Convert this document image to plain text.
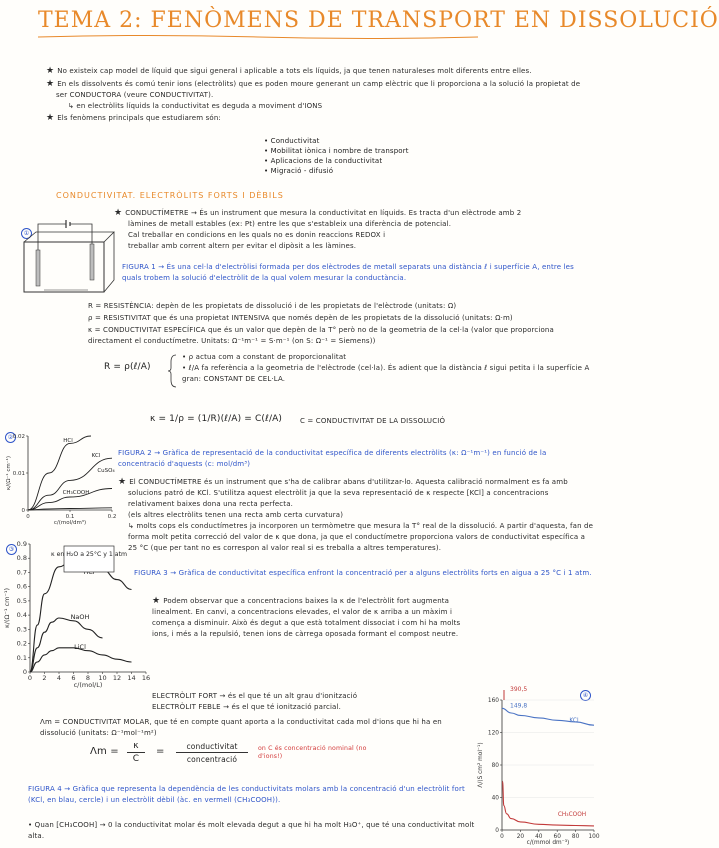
TEMA 2: FENÒMENS DE TRANSPORT EN DISSOLUCIÓ
★ No existeix cap model de líquid que sigui general i aplicable a tots els líquids, ja que tenen naturaleses molt diferents entre elles.
★ En els dissolvents és comú tenir ions (electròlits) que es poden moure generant un camp elèctric que li proporciona a la solució la propietat de ser CONDUCTORA (veure CONDUCTIVITAT).
↳ en electròlits líquids la conductivitat es deguda a moviment d'IONS
★ Els fenòmens principals que estudiarem són:
• Conductivitat
• Mobilitat iònica i nombre de transport
• Aplicacions de la conductivitat
• Migració - difusió
CONDUCTIVITAT. ELECTRÒLITS FORTS I DÈBILS
①
★ CONDUCTÍMETRE → És un instrument que mesura la conductivitat en líquids. Es tracta d'un elèctrode amb 2
làmines de metall estables (ex: Pt) entre les que s'estableix una diferència de potencial.
Cal treballar en condicions en les quals no es donin reaccions REDOX i
treballar amb corrent altern per evitar el dipòsit a les làmines.
FIGURA 1 → És una cel·la d'electròlisi formada per dos elèctrodes de metall separats una distància ℓ i superfície A, entre les quals trobem la solució d'electròlit de la qual volem mesurar la conductància.
R = RESISTÈNCIA: depèn de les propietats de dissolució i de les propietats de l'elèctrode (unitats: Ω)
ρ = RESISTIVITAT que és una propietat INTENSIVA que només depèn de les propietats de la dissolució (unitats: Ω·m)
κ = CONDUCTIVITAT ESPECÍFICA que és un valor que depèn de la T° però no de la geometria de la cel·la (valor que proporciona directament el conductímetre. Unitats: Ω⁻¹m⁻¹ = S·m⁻¹ (on S: Ω⁻¹ = Siemens))
R = ρ(ℓ/A)
• ρ actua com a constant de proporcionalitat
• ℓ/A fa referència a la geometria de l'elèctrode (cel·la). És adient que la distància ℓ sigui petita i la superfície A gran: CONSTANT DE CEL·LA.
κ = 1/ρ = (1/R)(ℓ/A) = C(ℓ/A)	C = CONDUCTIVITAT DE LA DISSOLUCIÓ
②
0	0.1	0.2
0
0.01
0.02
c/(mol/dm³)
κ/(Ω⁻¹ cm⁻¹)
HCl
KCl
CuSO₄
CH₃COOH
FIGURA 2 → Gràfica de representació de la conductivitat específica de diferents electròlits (κ: Ω⁻¹m⁻¹) en funció de la concentració d'aquests (c: mol/dm³)
★ El CONDUCTÍMETRE és un instrument que s'ha de calibrar abans d'utilitzar-lo. Aquesta calibració normalment es fa amb solucions patró de KCl. S'utilitza aquest electròlit ja que la seva representació de κ respecte [KCl] a concentracions relativament baixes dona una recta perfecta.
(els altres electròlits tenen una recta amb certa curvatura)
↳ molts cops els conductímetres ja incorporen un termòmetre que mesura la T° real de la dissolució. A partir d'aquesta, fan de forma molt petita correcció del valor de κ que dona, ja que el conductímetre proporciona valors de conductivitat específica a 25 °C (que per tant no es correspon al valor real si es treballa a altres temperatures).
③
0 2 4 6 8 10 12 14 16
0
0.1
0.2
0.3
0.4
0.5
0.6
0.7
0.8
0.9
c/(mol/L)
κ/(Ω⁻¹ cm⁻¹)	NaOH
LiCl
κ en H₂O a 25°C y 1 atm
FIGURA 3 → Gràfica de conductivitat específica enfront la concentració per a alguns electròlits forts en aigua a 25 °C i 1 atm.
★ Podem observar que a concentracions baixes la κ de l'electròlit fort augmenta linealment. En canvi, a concentracions elevades, el valor de κ arriba a un màxim i comença a disminuir. Això és degut a que està totalment dissociat i com hi ha molts ions, i més a la repulsió, tenen ions de càrrega oposada formant el compost neutre.
ELECTRÒLIT FORT → és el que té un alt grau d'ionització
ELECTRÒLIT FEBLE → és el que té ionització parcial.
Λm = CONDUCTIVITAT MOLAR, que té en compte quant aporta a la conductivitat cada mol d'ions que hi ha en dissolució (unitats: Ω⁻¹mol⁻¹m²)
Λm =	κ
C
=	conductivitat
concentració
on C és concentració nominal (no d'ions!)
FIGURA 4 → Gràfica que representa la dependència de les conductivitats molars amb la concentració d'un electròlit fort (KCl, en blau, cercle) i un electròlit dèbil (àc. en vermell (CH₃COOH)).
• Quan [CH₃COOH] → 0 la conductivitat molar és molt elevada degut a que hi ha molt H₃O⁺, que té una conductivitat molt alta.
④
0 20 40 60 80 100
0
40
80
120
160
c/(mmol dm⁻³)
Λ/(S cm² mol⁻¹)
KCl
CH₃COOH
390,5
149,8
